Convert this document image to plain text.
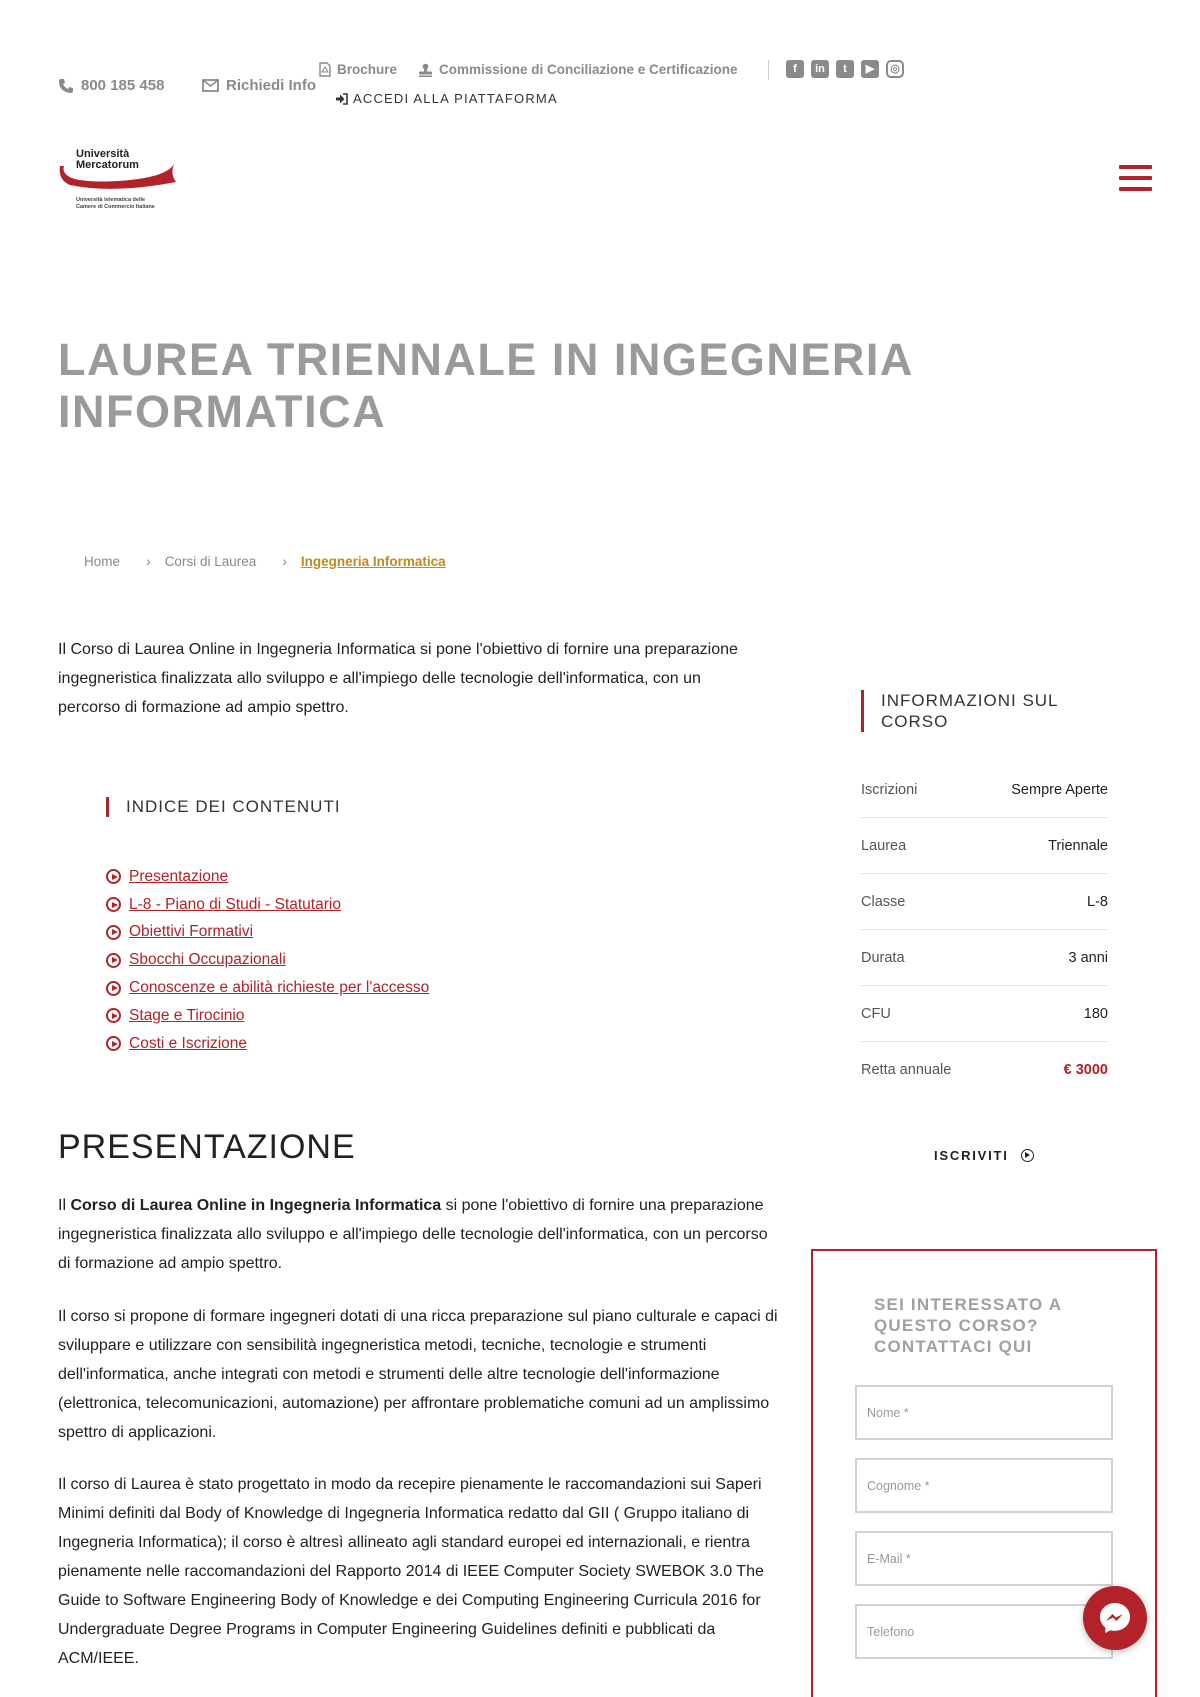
800 185 458	Richiedi Info
Brochure	Commissione di Conciliazione e Certificazione	f	in	t	▶	◎
ACCEDI ALLA PIATTAFORMA
Università
Mercatorum
Università telematica delle
Camere di Commercio Italiane
LAUREA TRIENNALE IN INGEGNERIA
INFORMATICA
Home › Corsi di Laurea › Ingegneria Informatica

Il Corso di Laurea Online in Ingegneria Informatica si pone l'obiettivo di fornire una preparazione ingegneristica finalizzata allo sviluppo e all'impiego delle tecnologie dell'informatica, con un percorso di formazione ad ampio spettro.

INDICE DEI CONTENUTI
Presentazione
L-8 - Piano di Studi - Statutario
Obiettivi Formativi
Sbocchi Occupazionali
Conoscenze e abilità richieste per l'accesso
Stage e Tirocinio
Costi e Iscrizione
PRESENTAZIONE

Il Corso di Laurea Online in Ingegneria Informatica si pone l'obiettivo di fornire una preparazione ingegneristica finalizzata allo sviluppo e all'impiego delle tecnologie dell'informatica, con un percorso di formazione ad ampio spettro.

Il corso si propone di formare ingegneri dotati di una ricca preparazione sul piano culturale e capaci di sviluppare e utilizzare con sensibilità ingegneristica metodi, tecniche, tecnologie e strumenti dell'informatica, anche integrati con metodi e strumenti delle altre tecnologie dell'informazione (elettronica, telecomunicazioni, automazione) per affrontare problematiche comuni ad un amplissimo spettro di applicazioni.

Il corso di Laurea è stato progettato in modo da recepire pienamente le raccomandazioni sui Saperi Minimi definiti dal Body of Knowledge di Ingegneria Informatica redatto dal GII ( Gruppo italiano di Ingegneria Informatica); il corso è altresì allineato agli standard europei ed internazionali, e rientra pienamente nelle raccomandazioni del Rapporto 2014 di IEEE Computer Society SWEBOK 3.0 The Guide to Software Engineering Body of Knowledge e dei Computing Engineering Curricula 2016 for Undergraduate Degree Programs in Computer Engineering Guidelines definiti e pubblicati da ACM/IEEE.

INFORMAZIONI SUL CORSO
Iscrizioni	Sempre Aperte
Laurea	Triennale
Classe	L-8
Durata	3 anni
CFU	180
Retta annuale	€ 3000
ISCRIVITI
SEI INTERESSATO A QUESTO CORSO? CONTATTACI QUI
Nome *
Cognome *
E-Mail *
Telefono
